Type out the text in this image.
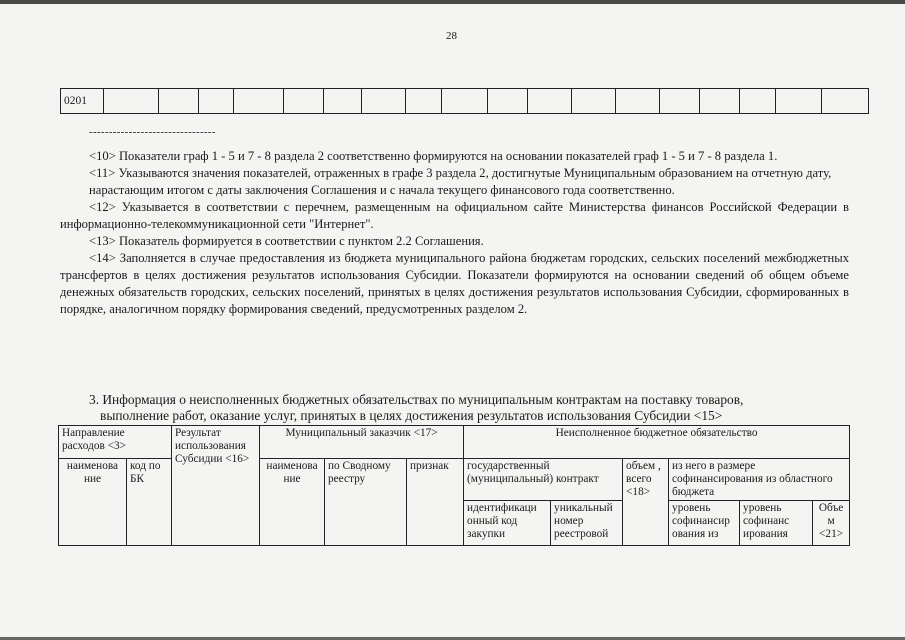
28
0201																		
--------------------------------

<10> Показатели граф 1 - 5 и 7 - 8 раздела 2 соответственно формируются на основании показателей граф 1 - 5 и 7 - 8 раздела 1.

<11> Указываются значения показателей, отраженных в графе 3 раздела 2, достигнутые Муниципальным образованием на отчетную дату,

нарастающим итогом с даты заключения Соглашения и с начала текущего финансового года соответственно.

<12> Указывается в соответствии с перечнем, размещенным на официальном сайте Министерства финансов Российской Федерации в информационно-телекоммуникационной сети "Интернет".

<13> Показатель формируется в соответствии с пунктом 2.2 Соглашения.

<14> Заполняется в случае предоставления из бюджета муниципального района бюджетам городских, сельских поселений межбюджетных трансфертов в целях достижения результатов использования Субсидии. Показатели формируются на основании сведений об общем объеме денежных обязательств городских, сельских поселений, принятых в целях достижения результатов использования Субсидии, сформированных в порядке, аналогичном порядку формирования сведений, предусмотренных разделом 2.

3. Информация о неисполненных бюджетных обязательствах по муниципальным контрактам на поставку товаров,
выполнение работ, оказание услуг, принятых в целях достижения результатов использования Субсидии <15>
Направление расходов <3>		Результат использования Субсидии <16>	Муниципальный заказчик <17>			Неисполненное бюджетное обязательство					
наименова ние	код по БК		наименова ние	по Сводному реестру	признак	государственный (муниципальный) контракт		объем , всего <18>	из него в размере софинансирования из областного бюджета		
						идентификаци онный код закупки	уникальный номер реестровой		уровень софинансир ования из	уровень софинанс ирования	Объе м <21>
